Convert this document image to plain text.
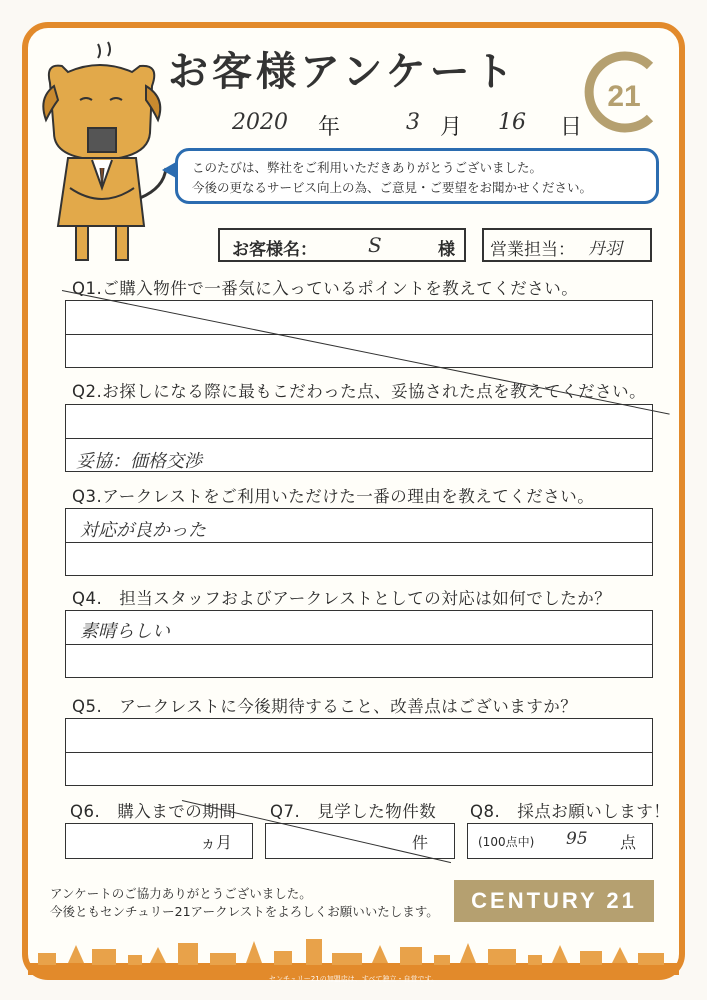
お客様アンケート
21
2020 年	3 月 16 日
このたびは、弊社をご利用いただきありがとうございました。
今後の更なるサービス向上の為、ご意見・ご要望をお聞かせください。
お客様名：	S	様 営業担当： 丹羽
Q1.ご購入物件で一番気に入っているポイントを教えてください。
Q2.お探しになる際に最もこだわった点、妥協された点を教えてください。
妥協：価格交渉
Q3.アークレストをご利用いただけた一番の理由を教えてください。
対応が良かった
Q4.　担当スタッフおよびアークレストとしての対応は如何でしたか？
素晴らしい
Q5.　アークレストに今後期待すること、改善点はございますか？
Q6.　購入までの期間 Q7.　見学した物件数 Q8.　採点お願いします！
ヵ月	件	(100点中) 95 点
アンケートのご協力ありがとうございました。
今後ともセンチュリー21アークレストをよろしくお願いいたします。	CENTURY 21
センチュリー21の加盟店は、すべて独立・自営です。
